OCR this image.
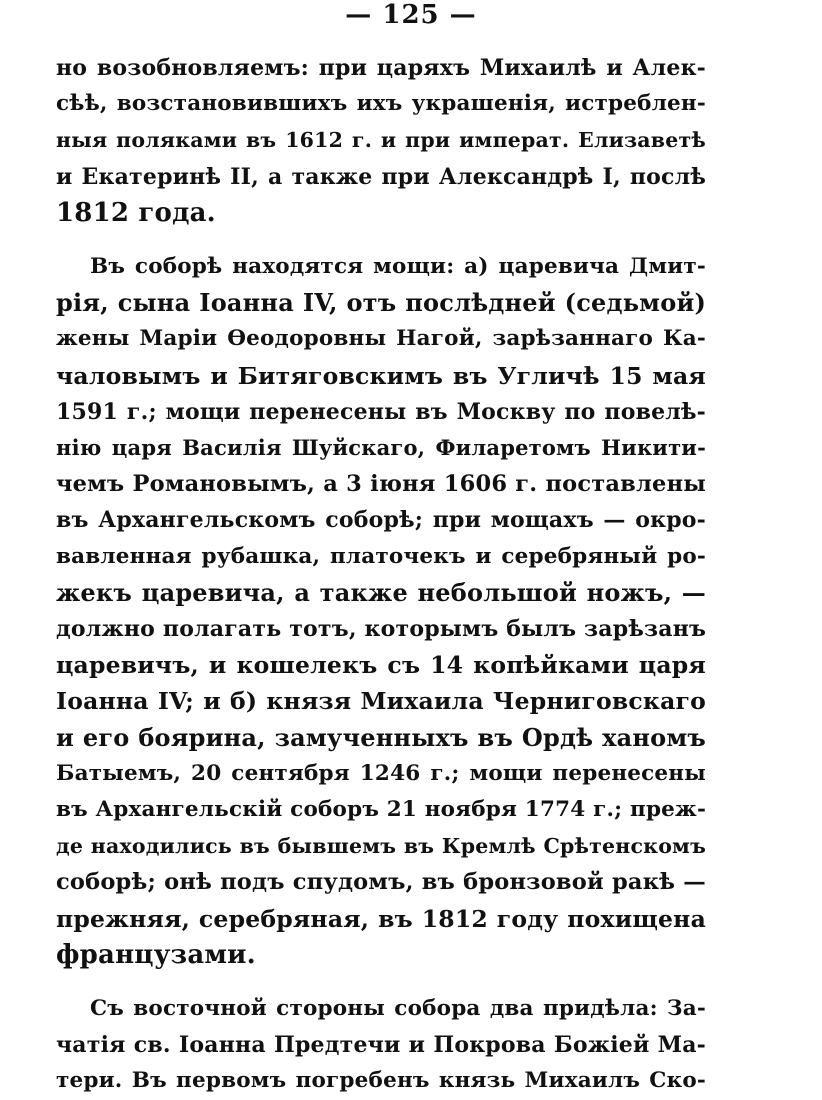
— 125 —
но возобновляемъ: при царяхъ Михаилѣ и Алек-
сѣѣ, возстановившихъ ихъ украшенія, истреблен-
ныя поляками въ 1612 г. и при императ. Елизаветѣ
и Екатеринѣ II, а также при Александрѣ I, послѣ
1812 года.
Въ соборѣ находятся мощи: а) царевича Дмит-
рія, сына Іоанна IV, отъ послѣдней (седьмой)
жены Маріи Ѳеодоровны Нагой, зарѣзаннаго Ка-
чаловымъ и Битяговскимъ въ Угличѣ 15 мая
1591 г.; мощи перенесены въ Москву по повелѣ-
нію царя Василія Шуйскаго, Филаретомъ Никити-
чемъ Романовымъ, а 3 іюня 1606 г. поставлены
въ Архангельскомъ соборѣ; при мощахъ — окро-
вавленная рубашка, платочекъ и серебряный ро-
жекъ царевича, а также небольшой ножъ, —
должно полагать тотъ, которымъ былъ зарѣзанъ
царевичъ, и кошелекъ съ 14 копѣйками царя
Іоанна IV; и б) князя Михаила Черниговскаго
и его боярина, замученныхъ въ Ордѣ ханомъ
Батыемъ, 20 сентября 1246 г.; мощи перенесены
въ Архангельскій соборъ 21 ноября 1774 г.; преж-
де находились въ бывшемъ въ Кремлѣ Срѣтенскомъ
соборѣ; онѣ подъ спудомъ, въ бронзовой ракѣ —
прежняя, серебряная, въ 1812 году похищена
французами.
Съ восточной стороны собора два придѣла: За-
чатія св. Іоанна Предтечи и Покрова Божіей Ма-
тери. Въ первомъ погребенъ князь Михаилъ Ско-
